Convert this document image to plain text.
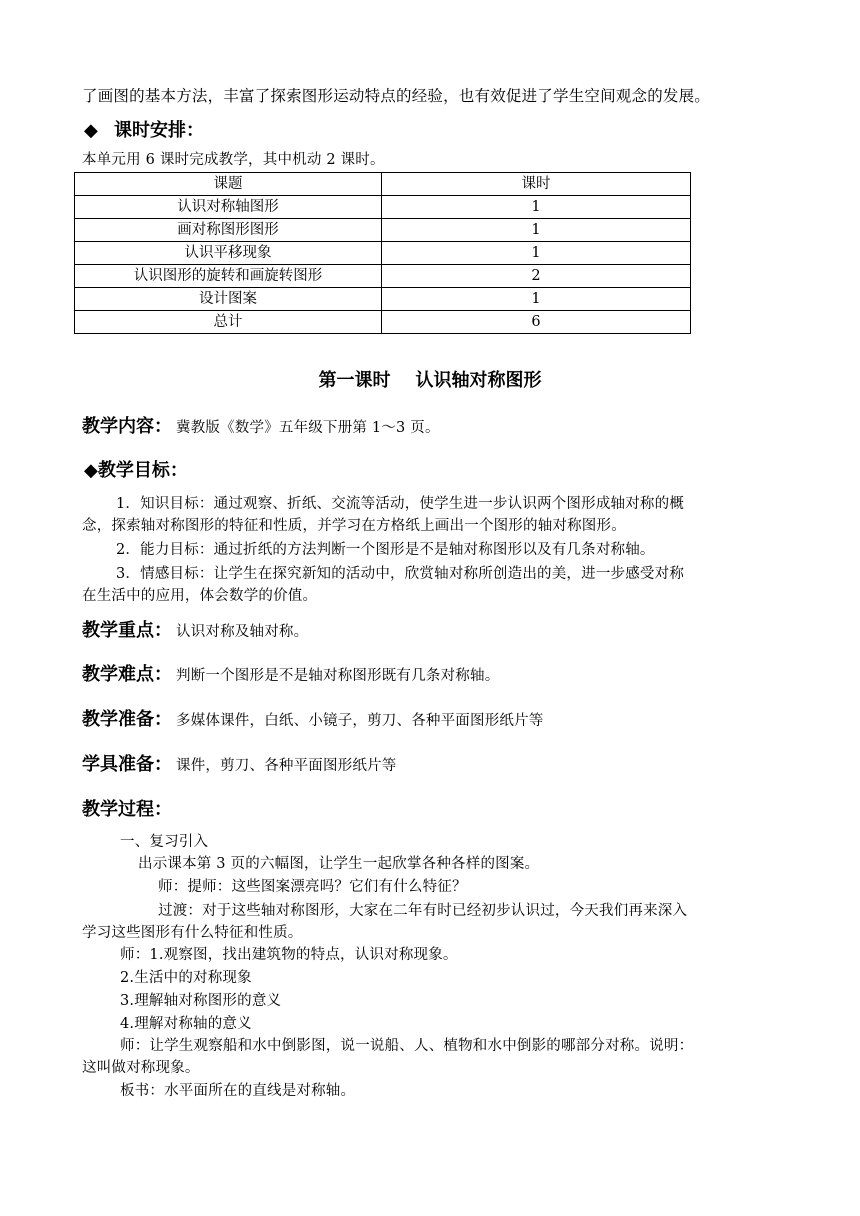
了画图的基本方法，丰富了探索图形运动特点的经验，也有效促进了学生空间观念的发展。
◆ 课时安排：
本单元用 6 课时完成教学，其中机动 2 课时。
课题	课时
认识对称轴图形	1
画对称图形图形	1
认识平移现象	1
认识图形的旋转和画旋转图形	2
设计图案	1
总计	6
第一课时    认识轴对称图形
教学内容： 冀教版《数学》五年级下册第 1～3 页。
◆教学目标：
1．知识目标：通过观察、折纸、交流等活动，使学生进一步认识两个图形成轴对称的概
念，探索轴对称图形的特征和性质，并学习在方格纸上画出一个图形的轴对称图形。
2．能力目标：通过折纸的方法判断一个图形是不是轴对称图形以及有几条对称轴。
3．情感目标：让学生在探究新知的活动中，欣赏轴对称所创造出的美，进一步感受对称
在生活中的应用，体会数学的价值。
教学重点： 认识对称及轴对称。
教学难点： 判断一个图形是不是轴对称图形既有几条对称轴。
教学准备： 多媒体课件，白纸、小镜子，剪刀、各种平面图形纸片等
学具准备： 课件，剪刀、各种平面图形纸片等
教学过程：
一、复习引入
出示课本第 3 页的六幅图，让学生一起欣掌各种各样的图案。
师：提师：这些图案漂亮吗？它们有什么特征？
过渡：对于这些轴对称图形，大家在二年有时已经初步认识过，今天我们再来深入
学习这些图形有什么特征和性质。
师：1.观察图，找出建筑物的特点，认识对称现象。
2.生活中的对称现象
3.理解轴对称图形的意义
4.理解对称轴的意义
师：让学生观察船和水中倒影图，说一说船、人、植物和水中倒影的哪部分对称。说明：
这叫做对称现象。
板书：水平面所在的直线是对称轴。
